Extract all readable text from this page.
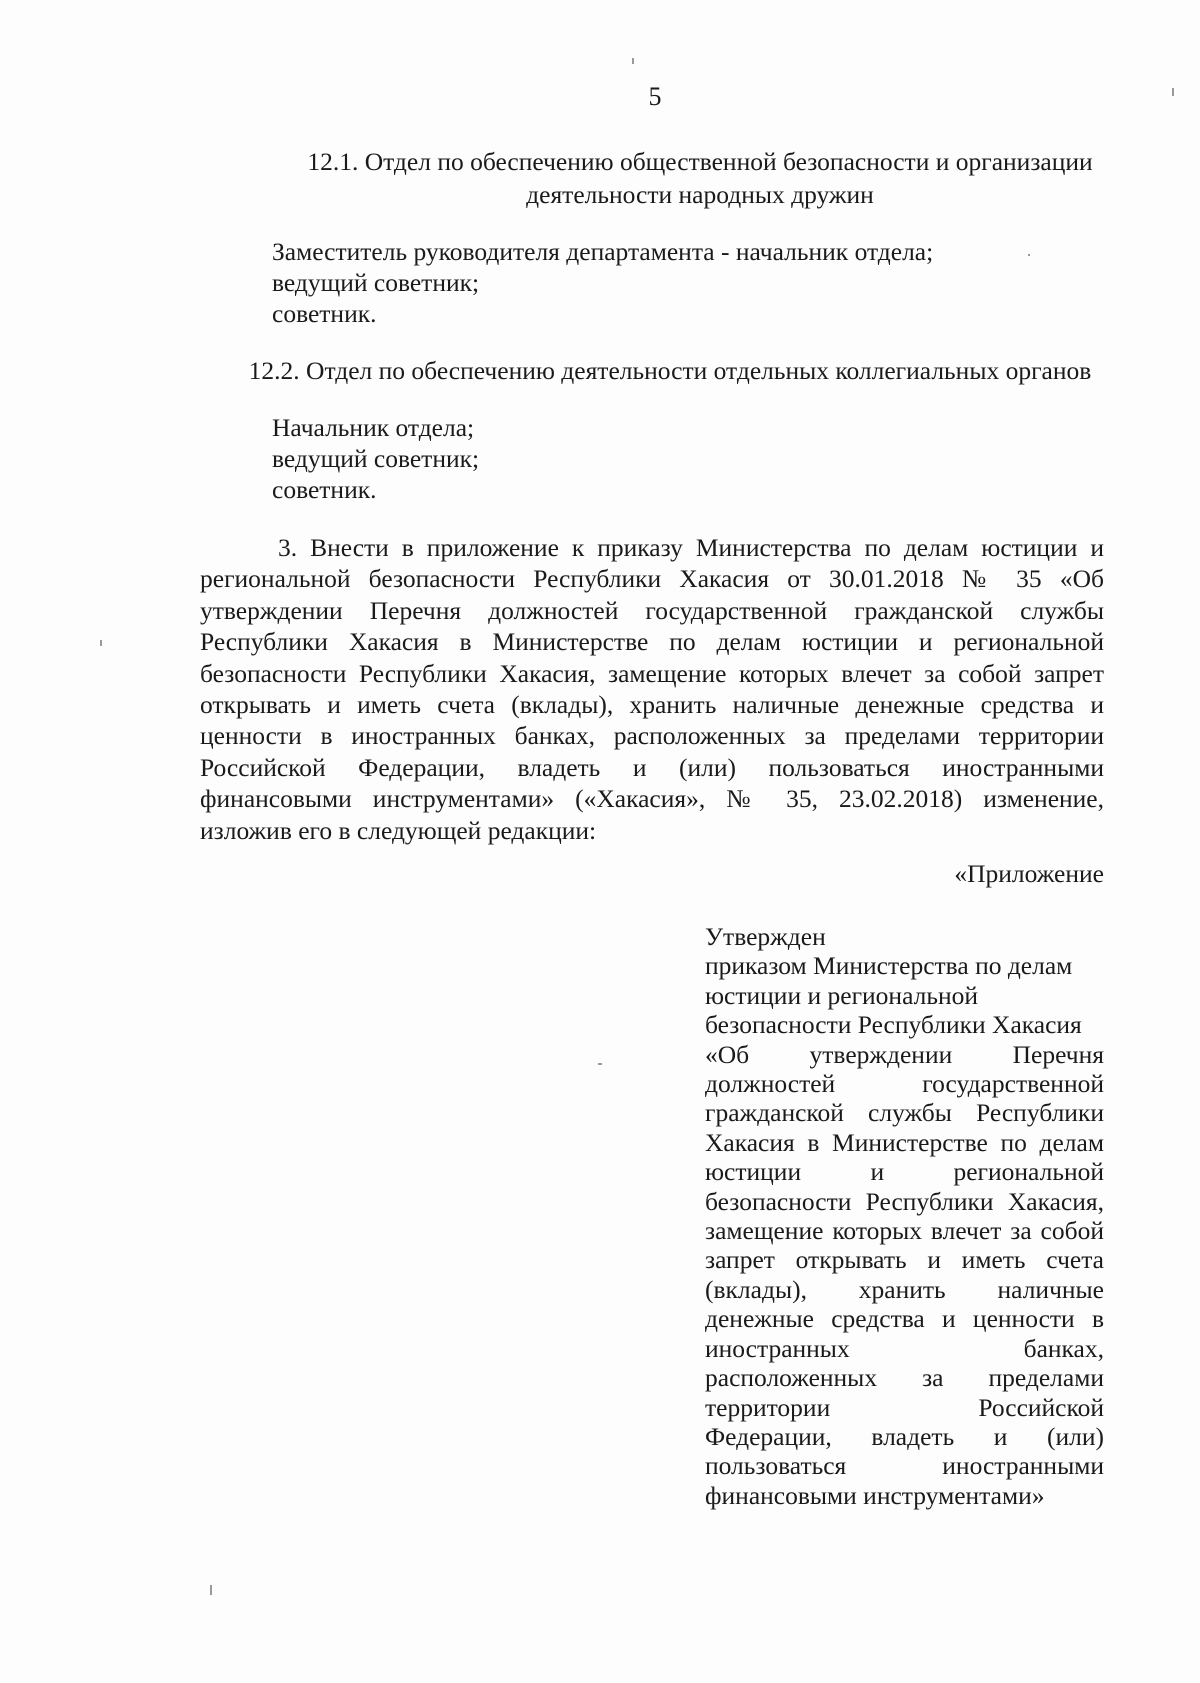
5
12.1. Отдел по обеспечению общественной безопасности и организации
деятельности народных дружин
Заместитель руководителя департамента - начальник отдела;
ведущий советник;
советник.
12.2. Отдел по обеспечению деятельности отдельных коллегиальных органов
Начальник отдела;
ведущий советник;
советник.
3. Внести в приложение к приказу Министерства по делам юстиции и
региональной безопасности Республики Хакасия от 30.01.2018 № 35 «Об
утверждении Перечня должностей государственной гражданской службы
Республики Хакасия в Министерстве по делам юстиции и региональной
безопасности Республики Хакасия, замещение которых влечет за собой запрет
открывать и иметь счета (вклады), хранить наличные денежные средства и
ценности в иностранных банках, расположенных за пределами территории
Российской Федерации, владеть и (или) пользоваться иностранными
финансовыми инструментами» («Хакасия», № 35, 23.02.2018) изменение,
изложив его в следующей редакции:
«Приложение
Утвержден
приказом Министерства по делам
юстиции и региональной
безопасности Республики Хакасия
«Об утверждении Перечня
должностей государственной
гражданской службы Республики
Хакасия в Министерстве по делам
юстиции и региональной
безопасности Республики Хакасия,
замещение которых влечет за собой
запрет открывать и иметь счета
(вклады), хранить наличные
денежные средства и ценности в
иностранных банках,
расположенных за пределами
территории Российской
Федерации, владеть и (или)
пользоваться иностранными
финансовыми инструментами»
